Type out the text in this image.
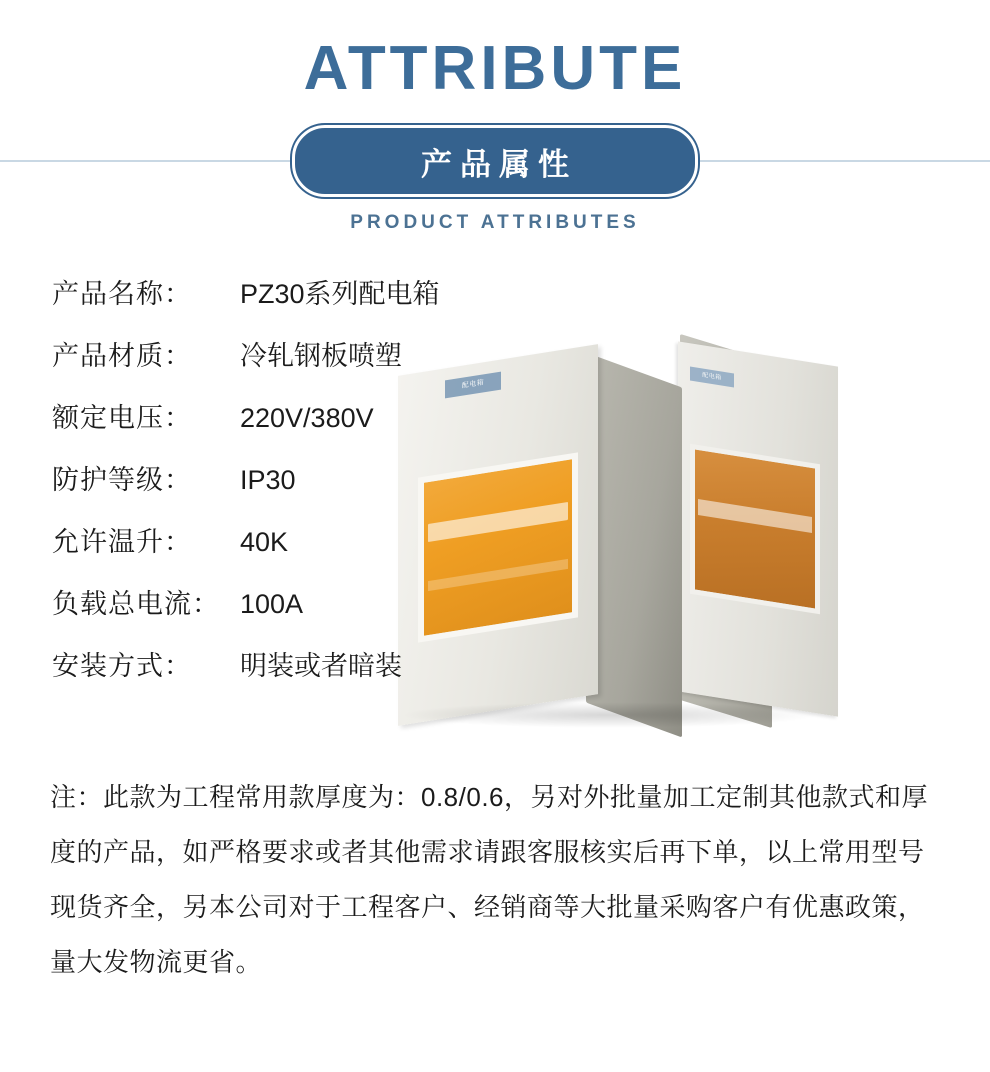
ATTRIBUTE
产品属性
PRODUCT ATTRIBUTES
配电箱
配电箱
产品名称：	PZ30系列配电箱
产品材质：	冷轧钢板喷塑
额定电压：	220V/380V
防护等级：	IP30
允许温升：	40K
负载总电流： 100A
安装方式：	明装或者暗装
注：此款为工程常用款厚度为：0.8/0.6，另对外批量加工定制其他款式和厚度的产品，如严格要求或者其他需求请跟客服核实后再下单，以上常用型号现货齐全，另本公司对于工程客户、经销商等大批量采购客户有优惠政策，量大发物流更省。
